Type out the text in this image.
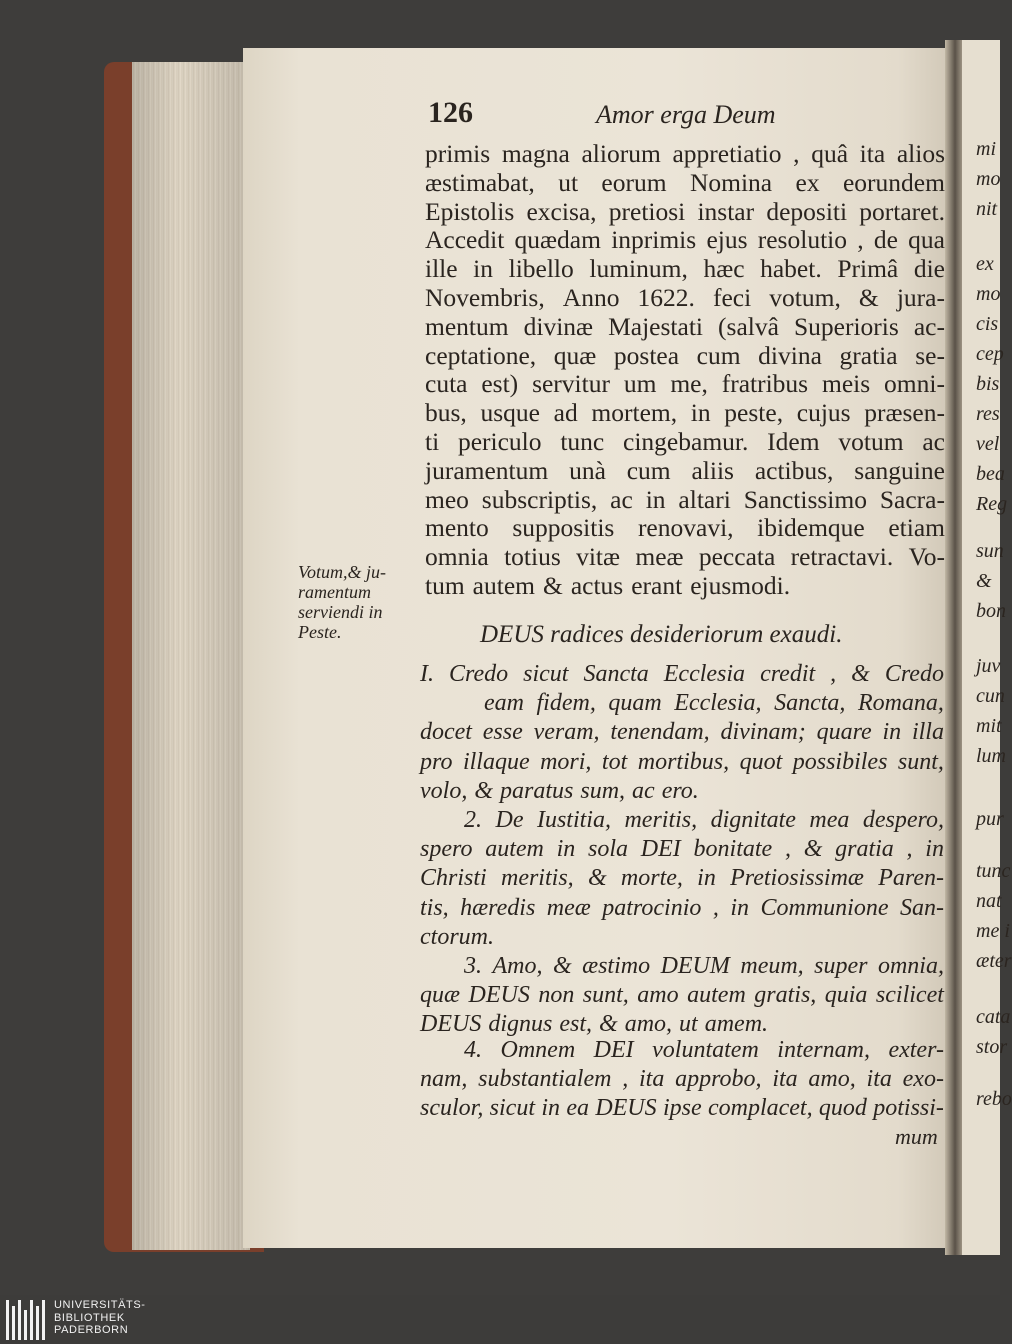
mi
mo
nit
ex
mo
cis
cep
bis
res
vel
bea
Reg
sun
&
bon
juv
cun
mit
lum
pur
tunc
nat
me i
æter
cata
stor
rebo
126	Amor erga Deum
primis magna aliorum appretiatio , quâ ita alios
æstimabat, ut eorum Nomina ex eorundem
Epistolis excisa, pretiosi instar depositi portaret.
Accedit quædam inprimis ejus resolutio , de qua
ille in libello luminum, hæc habet. Primâ die
Novembris, Anno 1622. feci votum, & jura-
mentum divinæ Majestati (salvâ Superioris ac-
ceptatione, quæ postea cum divina gratia se-
cuta est) servitur um me, fratribus meis omni-
bus, usque ad mortem, in peste, cujus præsen-
ti periculo tunc cingebamur. Idem votum ac
juramentum unà cum aliis actibus, sanguine
meo subscriptis, ac in altari Sanctissimo Sacra-
mento suppositis renovavi, ibidemque etiam
omnia totius vitæ meæ peccata retractavi. Vo-
tum autem & actus erant ejusmodi.
Votum,& ju- ramentum serviendi in Peste.	DEUS radices desideriorum exaudi.
I. Credo sicut Sancta Ecclesia credit , & Credo
eam fidem, quam Ecclesia, Sancta, Romana,
docet esse veram, tenendam, divinam; quare in illa
pro illaque mori, tot mortibus, quot possibiles sunt,
volo, & paratus sum, ac ero.
2. De Iustitia, meritis, dignitate mea despero,
spero autem in sola DEI bonitate , & gratia , in
Christi meritis, & morte, in Pretiosissimæ Paren-
tis, hæredis meæ patrocinio , in Communione San-
ctorum.
3. Amo, & æstimo DEUM meum, super omnia,
quæ DEUS non sunt, amo autem gratis, quia scilicet
DEUS dignus est, & amo, ut amem.
4. Omnem DEI voluntatem internam, exter-
nam, substantialem , ita approbo, ita amo, ita exo-
sculor, sicut in ea DEUS ipse complacet, quod potissi-
mum
UNIVERSITÄTS-
BIBLIOTHEK
PADERBORN
